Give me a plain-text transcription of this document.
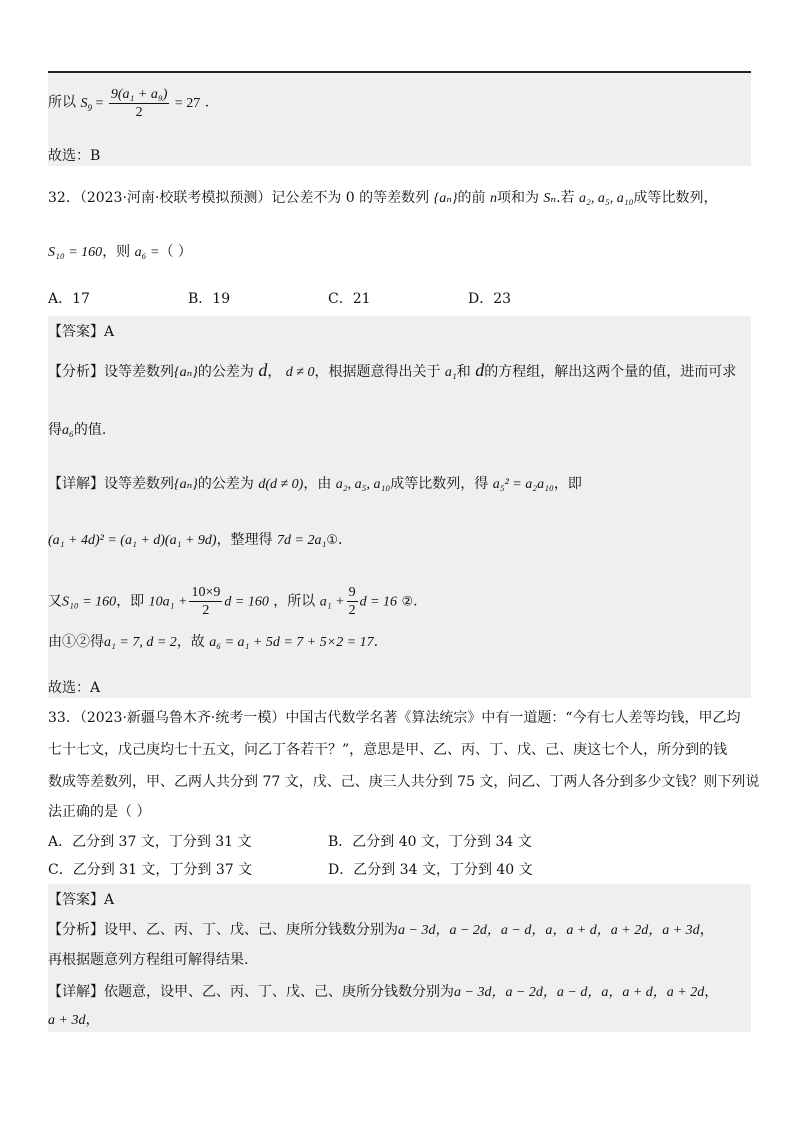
所以 $S_9 = \frac{\text{9(a₁ + a₉)}}{2} = 27$ .
故选：B
32．（2023·河南·校联考模拟预测）记公差不为 0 的等差数列 {aₙ}的前 n项和为 Sₙ.若 a₂, a₅, a₁₀成等比数列，
S₁₀ = 160，则 a₆ =（ ）
A．17	B．19	C．21	D．23
【答案】A
【分析】设等差数列{aₙ}的公差为 d， d ≠ 0，根据题意得出关于 a₁和 d的方程组，解出这两个量的值，进而可求
得a₆的值.
【详解】设等差数列{aₙ}的公差为 d(d ≠ 0)，由 a₂, a₅, a₁₀成等比数列，得 a₅² = a₂a₁₀，即
(a₁ + 4d)² = (a₁ + d)(a₁ + 9d)，整理得 7d = 2a₁①.
又S₁₀ = 160，即 $10a_1 + \frac{10\times 9}{2}$ d = 160 ，所以 $a_1 + \frac{9}{2}$ d = 16 ②.
由①②得a₁ = 7, d = 2，故 a₆ = a₁ + 5d = 7 + 5×2 = 17.
故选：A
33．（2023·新疆乌鲁木齐·统考一模）中国古代数学名著《算法统宗》中有一道题：“今有七人差等均钱，甲乙均
七十七文，戊己庚均七十五文，问乙丁各若干？”，意思是甲、乙、丙、丁、戊、己、庚这七个人，所分到的钱
数成等差数列，甲、乙两人共分到 77 文，戊、己、庚三人共分到 75 文，问乙、丁两人各分到多少文钱？则下列说
法正确的是（ ）
A．乙分到 37 文，丁分到 31 文	B．乙分到 40 文，丁分到 34 文
C．乙分到 31 文，丁分到 37 文	D．乙分到 34 文，丁分到 40 文
【答案】A
【分析】设甲、乙、丙、丁、戊、己、庚所分钱数分别为a − 3d，a − 2d，a − d，a，a + d，a + 2d，a + 3d，
再根据题意列方程组可解得结果.
【详解】依题意，设甲、乙、丙、丁、戊、己、庚所分钱数分别为a − 3d，a − 2d，a − d，a，a + d，a + 2d，
a + 3d，
